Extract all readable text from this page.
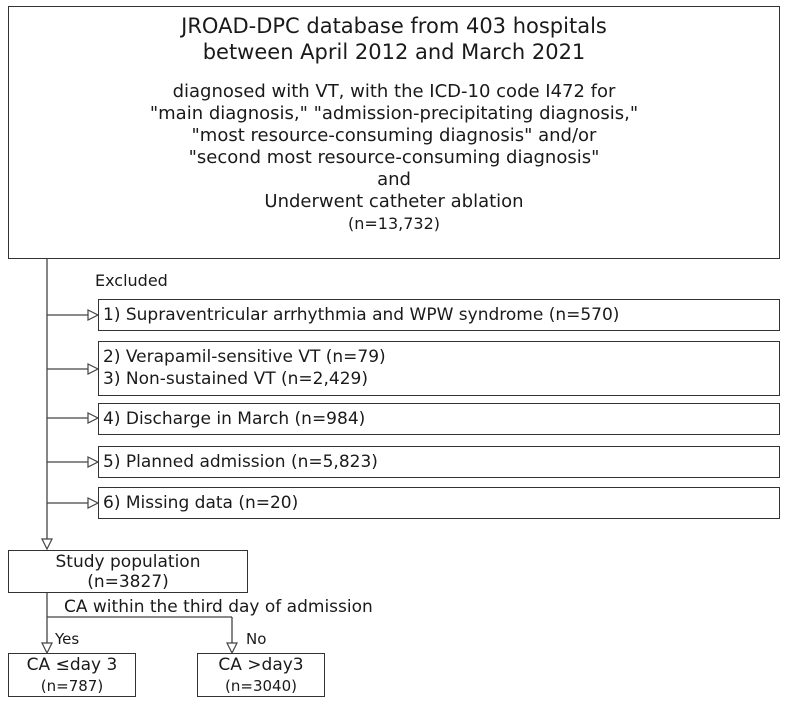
JROAD-DPC database from 403 hospitals
between April 2012 and March 2021
diagnosed with VT, with the ICD-10 code I472 for
"main diagnosis," "admission-precipitating diagnosis,"
"most resource-consuming diagnosis" and/or
"second most resource-consuming diagnosis"
and
Underwent catheter ablation
(n=13,732)
Excluded
1) Supraventricular arrhythmia and WPW syndrome (n=570)
2) Verapamil-sensitive VT (n=79)
3) Non-sustained VT (n=2,429)
4) Discharge in March (n=984)
5) Planned admission (n=5,823)
6) Missing data (n=20)
Study population
(n=3827)
CA within the third day of admission
Yes	No
CA ≤day 3
(n=787)
CA >day3
(n=3040)
